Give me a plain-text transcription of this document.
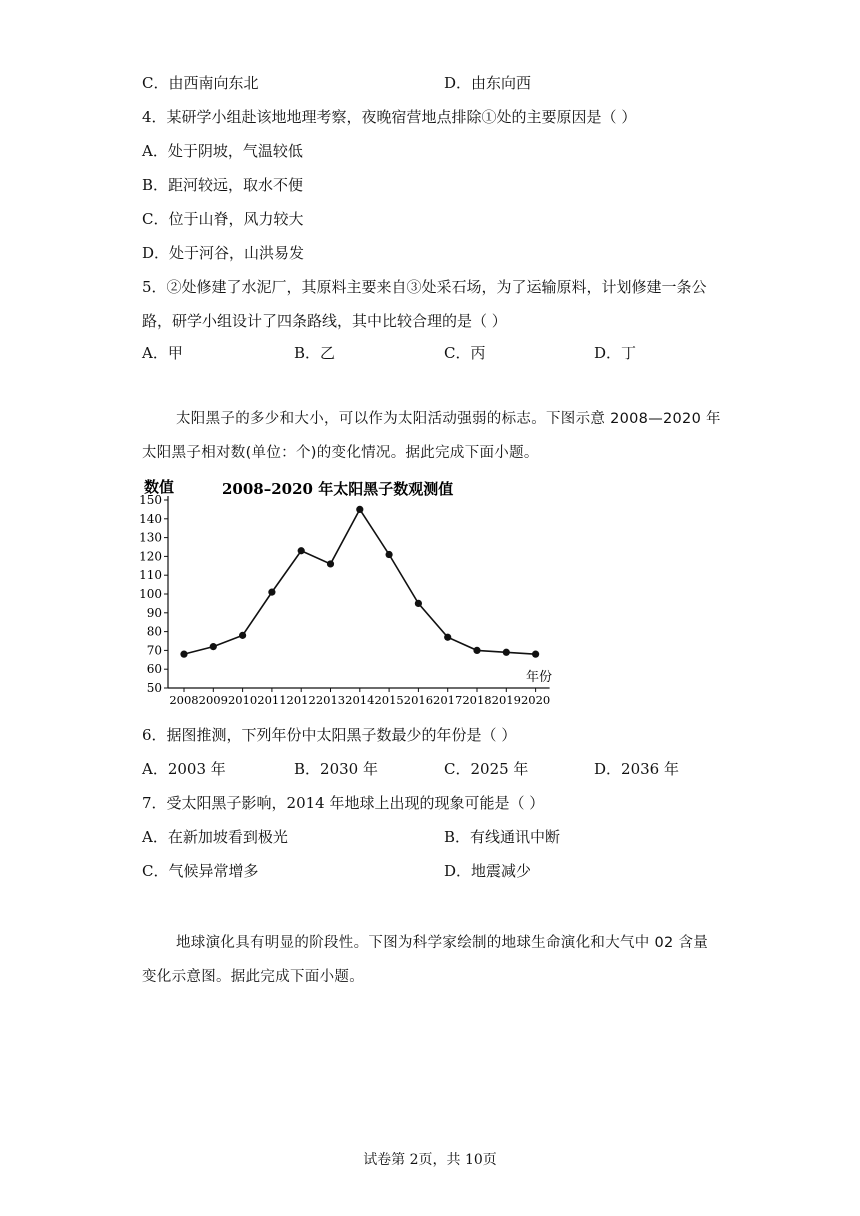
C．由西南向东北	D．由东向西
4．某研学小组赴该地地理考察，夜晚宿营地点排除①处的主要原因是（ ）
A．处于阴坡，气温较低
B．距河较远，取水不便
C．位于山脊，风力较大
D．处于河谷，山洪易发
5．②处修建了水泥厂，其原料主要来自③处采石场，为了运输原料，计划修建一条公
路，研学小组设计了四条路线，其中比较合理的是（ ）
A．甲	B．乙	C．丙	D．丁
太阳黑子的多少和大小，可以作为太阳活动强弱的标志。下图示意 2008—2020 年
太阳黑子相对数(单位：个)的变化情况。据此完成下面小题。
数值	2008–2020 年太阳黑子数观测值
50
60
70
80
90
100
110
120
130
140
150
2008 2009 2010 2011 2012 2013 2014 2015 2016 2017 2018 2019 2020
年份
6．据图推测，下列年份中太阳黑子数最少的年份是（ ）
A．2003 年	B．2030 年	C．2025 年	D．2036 年
7．受太阳黑子影响，2014 年地球上出现的现象可能是（ ）
A．在新加坡看到极光	B．有线通讯中断
C．气候异常增多	D．地震减少
地球演化具有明显的阶段性。下图为科学家绘制的地球生命演化和大气中 02 含量
变化示意图。据此完成下面小题。
试卷第 2页，共 10页
